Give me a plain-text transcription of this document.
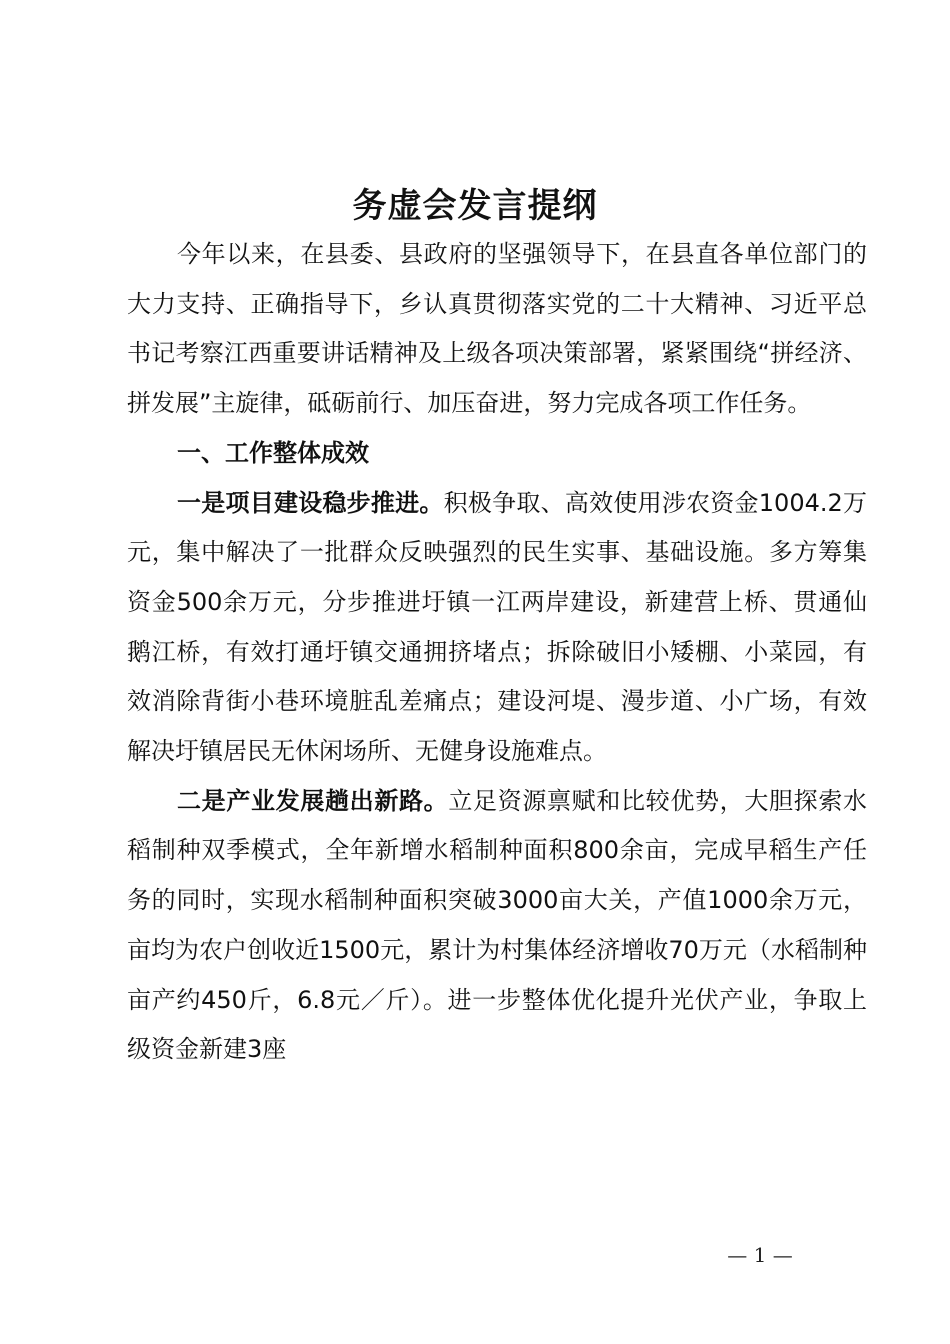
务虚会发言提纲

今年以来，在县委、县政府的坚强领导下，在县直各单位部门的大力支持、正确指导下，乡认真贯彻落实党的二十大精神、习近平总书记考察江西重要讲话精神及上级各项决策部署，紧紧围绕“拼经济、拼发展”主旋律，砥砺前行、加压奋进，努力完成各项工作任务。

一、工作整体成效

一是项目建设稳步推进。积极争取、高效使用涉农资金1004.2万元，集中解决了一批群众反映强烈的民生实事、基础设施。多方筹集资金500余万元，分步推进圩镇一江两岸建设，新建营上桥、贯通仙鹅江桥，有效打通圩镇交通拥挤堵点；拆除破旧小矮棚、小菜园，有效消除背街小巷环境脏乱差痛点；建设河堤、漫步道、小广场，有效解决圩镇居民无休闲场所、无健身设施难点。

二是产业发展趟出新路。立足资源禀赋和比较优势，大胆探索水稻制种双季模式，全年新增水稻制种面积800余亩，完成早稻生产任务的同时，实现水稻制种面积突破3000亩大关，产值1000余万元，亩均为农户创收近1500元，累计为村集体经济增收70万元（水稻制种亩产约450斤，6.8元／斤）。进一步整体优化提升光伏产业，争取上级资金新建3座

— 1 —
